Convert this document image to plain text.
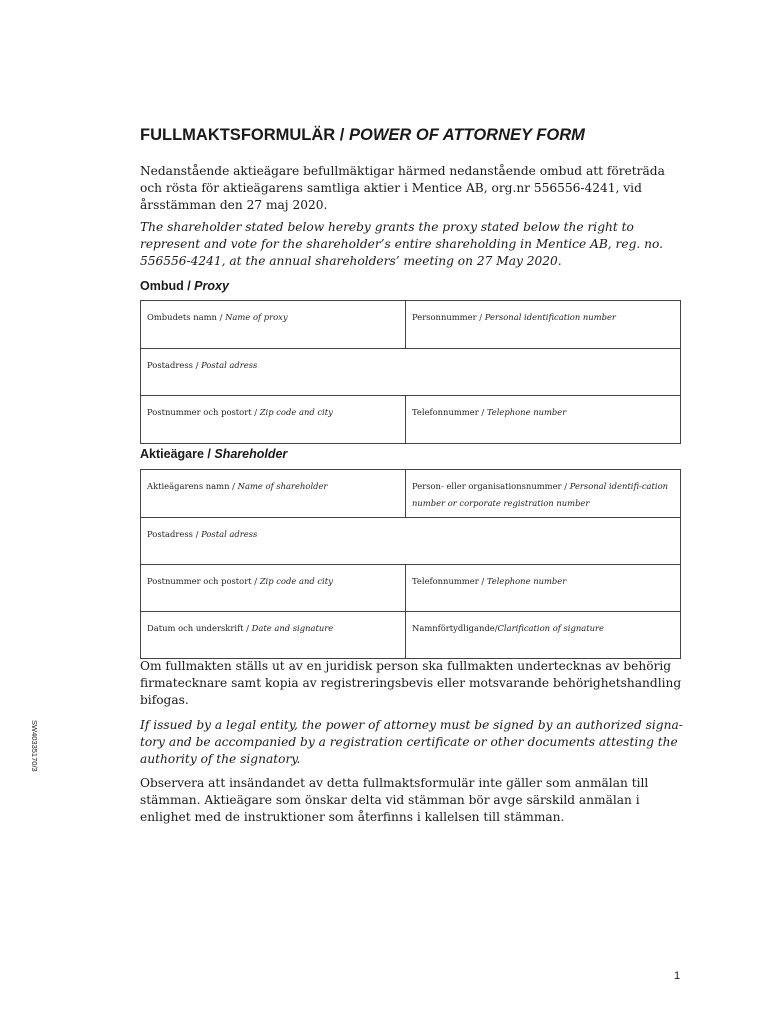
FULLMAKTSFORMULÄR / POWER OF ATTORNEY FORM

Nedanstående aktieägare befullmäktigar härmed nedanstående ombud att företräda och rösta för aktieägarens samtliga aktier i Mentice AB, org.nr 556556-4241, vid årsstämman den 27 maj 2020.

The shareholder stated below hereby grants the proxy stated below the right to represent and vote for the shareholder’s entire shareholding in Mentice AB, reg. no. 556556-4241, at the annual shareholders’ meeting on 27 May 2020.

Ombud / Proxy
Ombudets namn / Name of proxy	Personnummer / Personal identification number
Postadress / Postal adress
Postnummer och postort / Zip code and city	Telefonnummer / Telephone number
Aktieägare / Shareholder
Aktieägarens namn / Name of shareholder	Person- eller organisationsnummer / Personal identifi-cation number or corporate registration number
Postadress / Postal adress
Postnummer och postort / Zip code and city	Telefonnummer / Telephone number
Datum och underskrift / Date and signature	Namnförtydligande/Clarification of signature

Om fullmakten ställs ut av en juridisk person ska fullmakten undertecknas av behörig firmatecknare samt kopia av registreringsbevis eller motsvarande behörighetshandling bifogas.

If issued by a legal entity, the power of attorney must be signed by an authorized signa-tory and be accompanied by a registration certificate or other documents attesting the authority of the signatory.

Observera att insändandet av detta fullmaktsformulär inte gäller som anmälan till stämman. Aktieägare som önskar delta vid stämman bör avge särskild anmälan i enlighet med de instruktioner som återfinns i kallelsen till stämman.

SW40335170/3
1
